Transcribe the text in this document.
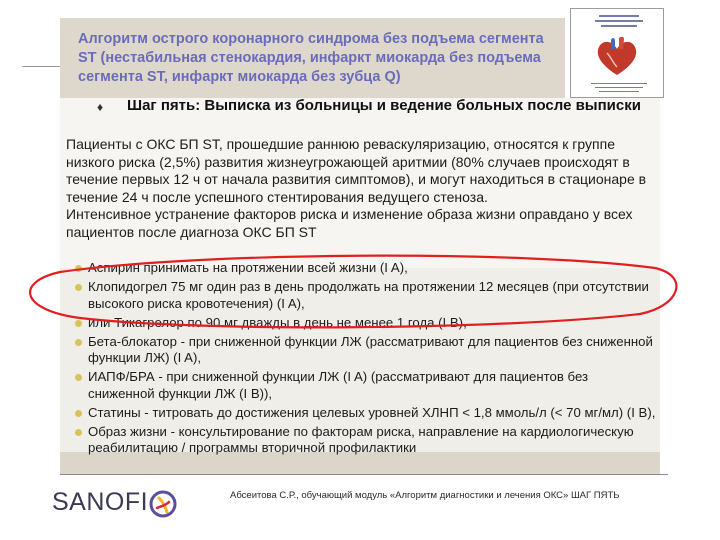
Алгоритм острого коронарного синдрома без подъема сегмента ST (нестабильная стенокардия, инфаркт миокарда без подъема сегмента ST, инфаркт миокарда без зубца Q)
♦	Шаг пять: Выписка из больницы и ведение больных после выписки

Пациенты с ОКС БП ST, прошедшие раннюю реваскуляризацию, относятся к группе низкого риска (2,5%) развития жизнеугрожающей аритмии (80% случаев происходят в течение первых 12 ч от начала развития симптомов), и могут находиться в стационаре в течение 24 ч после успешного стентирования ведущего стеноза.

Интенсивное устранение факторов риска и изменение образа жизни оправдано у всех пациентов после диагноза ОКС БП ST

Аспирин принимать на протяжении всей жизни (I A),
Клопидогрел 75 мг один раз в день продолжать на протяжении 12 месяцев (при отсутствии высокого риска кровотечения) (I A),
или Тикагрелор по 90 мг дважды в день не менее 1 года (I B),
Бета-блокатор - при сниженной функции ЛЖ (рассматривают для пациентов без сниженной функции ЛЖ) (I A),
ИАПФ/БРА - при сниженной функции ЛЖ (I A) (рассматривают для пациентов без сниженной функции ЛЖ (I B)),
Статины - титровать до достижения целевых уровней ХЛНП < 1,8 ммоль/л (< 70 мг/мл) (I B),
Образ жизни - консультирование по факторам риска, направление на кардиологическую реабилитацию / программы вторичной профилактики
SANOFI	Абсеитова С.Р., обучающий модуль «Алгоритм диагностики и лечения ОКС» ШАГ ПЯТЬ
